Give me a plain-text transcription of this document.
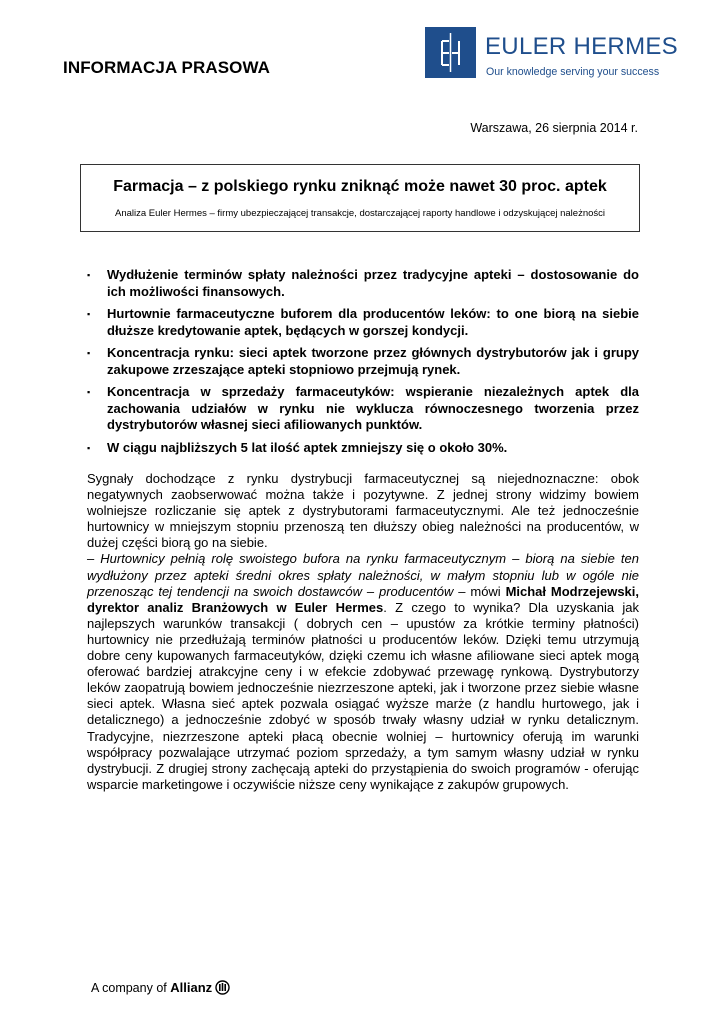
INFORMACJA PRASOWA
EULER HERMES
Our knowledge serving your success
Warszawa, 26 sierpnia 2014 r.
Farmacja – z polskiego rynku zniknąć może nawet 30 proc. aptek
Analiza Euler Hermes – firmy ubezpieczającej transakcje, dostarczającej raporty handlowe i odzyskującej należności
▪ Wydłużenie terminów spłaty należności przez tradycyjne apteki – dostosowanie do ich możliwości finansowych.
▪ Hurtownie farmaceutyczne buforem dla producentów leków: to one biorą na siebie dłuższe kredytowanie aptek, będących w gorszej kondycji.
▪ Koncentracja rynku: sieci aptek tworzone przez głównych dystrybutorów jak i grupy zakupowe zrzeszające apteki stopniowo przejmują rynek.
▪ Koncentracja w sprzedaży farmaceutyków: wspieranie niezależnych aptek dla zachowania udziałów w rynku nie wyklucza równoczesnego tworzenia przez dystrybutorów własnej sieci afiliowanych punktów.
▪ W ciągu najbliższych 5 lat ilość aptek zmniejszy się o około 30%.

Sygnały dochodzące z rynku dystrybucji farmaceutycznej są niejednoznaczne: obok negatywnych zaobserwować można także i pozytywne. Z jednej strony widzimy bowiem wolniejsze rozliczanie się aptek z dystrybutorami farmaceutycznymi. Ale też jednocześnie hurtownicy w mniejszym stopniu przenoszą ten dłuższy obieg należności na producentów, w dużej części biorą go na siebie.

– Hurtownicy pełnią rolę swoistego bufora na rynku farmaceutycznym – biorą na siebie ten wydłużony przez apteki średni okres spłaty należności, w małym stopniu lub w ogóle nie przenosząc tej tendencji na swoich dostawców – producentów – mówi Michał Modrzejewski, dyrektor analiz Branżowych w Euler Hermes. Z czego to wynika? Dla uzyskania jak najlepszych warunków transakcji ( dobrych cen – upustów za krótkie terminy płatności) hurtownicy nie przedłużają terminów płatności u producentów leków. Dzięki temu utrzymują dobre ceny kupowanych farmaceutyków, dzięki czemu ich własne afiliowane sieci aptek mogą oferować bardziej atrakcyjne ceny i w efekcie zdobywać przewagę rynkową. Dystrybutorzy leków zaopatrują bowiem jednocześnie niezrzeszone apteki, jak i tworzone przez siebie własne sieci aptek. Własna sieć aptek pozwala osiągać wyższe marże (z handlu hurtowego, jak i detalicznego) a jednocześnie zdobyć w sposób trwały własny udział w rynku detalicznym. Tradycyjne, niezrzeszone apteki płacą obecnie wolniej – hurtownicy oferują im warunki współpracy pozwalające utrzymać poziom sprzedaży, a tym samym własny udział w rynku dystrybucji. Z drugiej strony zachęcają apteki do przystąpienia do swoich programów - oferując wsparcie marketingowe i oczywiście niższe ceny wynikające z zakupów grupowych.

A company of Allianz
